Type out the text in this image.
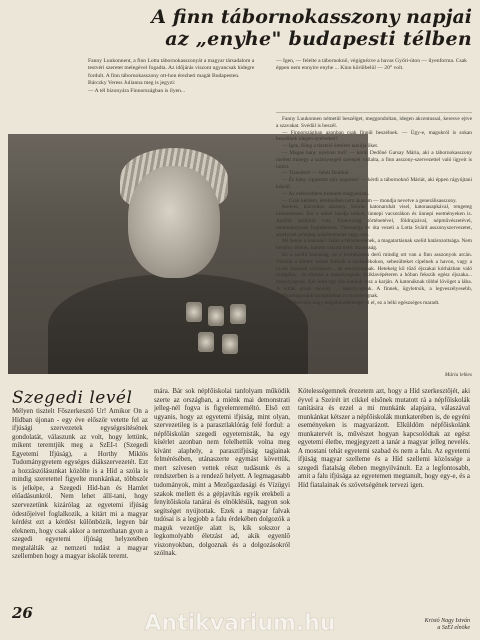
A finn tábornokasszony napjai
az „enyhe" budapesti télben

Fanny Luukonnent, a finn Lotta tábornokasszonyát a magyar társadalom a testvéri szeretet melegével fogadta. Az időjárás viszont ugyancsak hidegre fordult. A finn tábornokasszony ott-hon érezheti magát Budapesten.

Bárczky Veress Julianna meg is jegyzi:

— A tél bizonyára Finnországban is ilyen...

— Igen, — felelte a tábornoknő, végignézve a havas Győri-úton — ilyenforma. Csak éppen nem ennyire enyhe ... Kinn körülbelül — 20° volt.

Fanny Luukonnen németül beszélget, meggondoltan, idegen akcentussal, keresve ejtve a szavakat. Svédül is beszél.

— Finnországban azonban csak finnül beszélnek. — Úgy-e, magukról is sokan beszélnek idegen nyelveket?

— Igen, főleg a tisztelő értelem tanulja őket.

— Magas hány nyelven tud? — kérdi Dedőné Garsay Mária, aki a tábornokasszony mellett minegy a szárnysegéd szerepét vállalta, a finn asszony-szervezettel való ügyeit is intézi.

— Tizenötöt! — felelt Dedőné.

— És hány cigarettát szív naponta? — kérdi a tábornoknő Máriát, aki éppen rágyújtani készül.

— Az ezfeszebben tudinem magyarázni.

— Csak kérdem, értelmében nem akarom — mondja nevetve a generálisasszony.

Kedves, közvetlen asszony. Szürke katonaruhát visel, katonasapkával, rengeteg kitüntetéssel. Ezt a néhol hordja tetkon, ünnepi vacsorákon és ünnepi eseményeken is. Azelőtt tanítónő volt. Finnország történetével, földrajzával, népművészetével, tanulmányosan foglalkozott. Tizennégy év óta vezeti a Lotta Svärd asszonyszervezetet, amelynek jelenleg százötvenezer tagja van.

Mi benne a katonás? Talán a felismerésnek, a magatartásnak szelíd határozottsága. Nem kemény éllétés, hanem valami mély bizonsság.

Ez a szelíd bizonság, ez a természetes derű mindig ott van a finn asszonyok arcán. Nézzük a filmet: loltak follizik a szakadékokon, sebesülteket cipelnek a havon, vagy a lovak katonák sziklairott... de mosolyognak. Hetekeig kű tűző éjszakai kórházban való szolgálat... és ellenne a mosolyognak. Sziklavépéteren a hóban fekszik egész éjszaka... mosolyognak. Két lotta egy tiin katonát visz a karján. A katonáknak többé lövöget a lába. A lották arcán mosoly ... mosolyognak. A finnek, ügyletrsik, a legveszélyesebb, legfáradságosabb szolgálatban is mosolyognak.

— A finn nép nagy megelébedettséget él el, ez a lelki egészséges maradt.

Mária lelkes
Szegedi levél

Mélyen tisztelt Főszerkesztő Úr! Amikor Ön a Hídban újonan - egy éve először vetette fel az ifjúsági szervezetek egységesítésének gondolatát, válaszunk az volt, hogy lettünk, mikent teremtjük meg a SzEI-t (Szegedi Egyetemi Ifjúság), a Horthy Miklós Tudománygyetem egységes diákszervezetét. Ezt a hozzászólásunkat közölte is a Híd a szóla is mindig szeretettel figyelte munkánkat, többször is jelképe, a Szegedi Híd-ban és Hamlet előadásunkról. Nem lehet állí-tani, hogy szervezetünk kizárólag az egyetemi ifjúság ódestőjeivel foglalkozik, a kitárt mi a magyar kérdést ezt a kérdést különbözik, legyen bár eleknem, hogy csak akkor a nemzethatan gyon a szegedi egyetemi ifjúság helyzetében megtalálták az nemzeti tudást a magyar szellemben hogy a magyar iskolák teremt.

mára. Bár sok népfőiskolai tanfolyam működik szerte az országban, a miénk mai demonstrati jelleg-nél fogva is figyelemreméltó. Első ezt ugyanis, hogy az egyetemi ifjúság, mint olyan, szervezetileg is a parasztlaklórág felé fordul: a népfőiskolán szegedi egyetemisták, ha egy kísérlet azonban nem felelhettük volna meg kívánt alaphely, a parasztifjúság tagjainak felmérésében, utánaszerte egymást követtük, mert szívesen vettek részt tudásunk és a rendszerben is a rendező helyett. A legmagasabb tudományok, mint a Mezőgazdasági és Vízügyi szakok mellett és a gépjavítás egyik erekbeli a fenyítőiskola tanárai és elnöklésük, nagyon sok segítséget nyújtottak. Ezek a magyar falvak tudósai is a legjobb a falu érdekében dolgozók a maguk vezetője alatt is, kik sokszor a legkomolyabb életzást ad, akik egyenlő viszonyokban, dolgoznak és a dolgozásokról szólnak.

Kötelességemnek érezetem azt, hogy a Híd szerkesztőjét, aki éyvel a Szeirét irt cikkel elsőnek mutatott rá a népfőiskolák tanításira és ezzel a mi munkánk alapjaira, válaszával munkánkat kétszer a népfőiskolák munkaterében is, de egyéni eseményeken is magyarázott. Elküldöm népfőiskolánk munkatervét is, művészet hogyan kapcsolódtak az egész egyetemi életbe, megjegyzett a tanár a magyar jelleg nevelés. A mostani tehát egyetemi szabad és nem a falu. Az egyetemi ifjúság magyar szelleme és a Híd szellemi közössége a szegedi fiatalság éleben megnyilvánult. Ez a legfontosabb, amit a falu ifjúsága az egyetemen megtanult, hogy egy-e, és a Híd fiatalainak és szövetségének tervezi igen.

Kristó Nagy István
a SzEI elnöke
26	Antikvarium.hu
